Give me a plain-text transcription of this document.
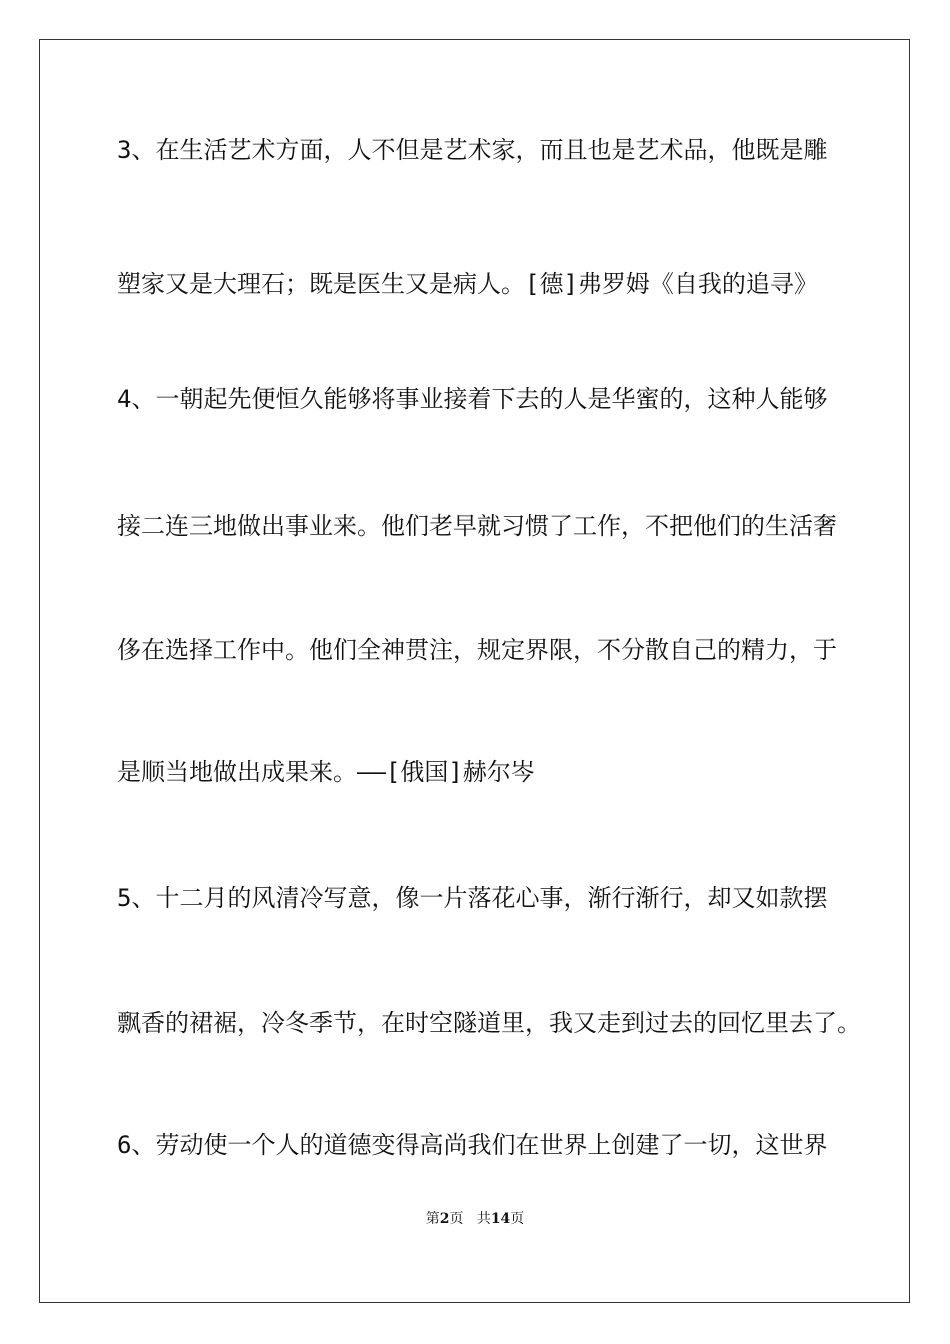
3、在生活艺术方面，人不但是艺术家，而且也是艺术品，他既是雕

塑家又是大理石；既是医生又是病人。[德]弗罗姆《自我的追寻》

4、一朝起先便恒久能够将事业接着下去的人是华蜜的，这种人能够

接二连三地做出事业来。他们老早就习惯了工作，不把他们的生活奢

侈在选择工作中。他们全神贯注，规定界限，不分散自己的精力，于

是顺当地做出成果来。——[俄国]赫尔岑

5、十二月的风清冷写意，像一片落花心事，渐行渐行，却又如款摆

飘香的裙裾，冷冬季节，在时空隧道里，我又走到过去的回忆里去了。

6、劳动使一个人的道德变得高尚我们在世界上创建了一切，这世界

第2页 共14页
